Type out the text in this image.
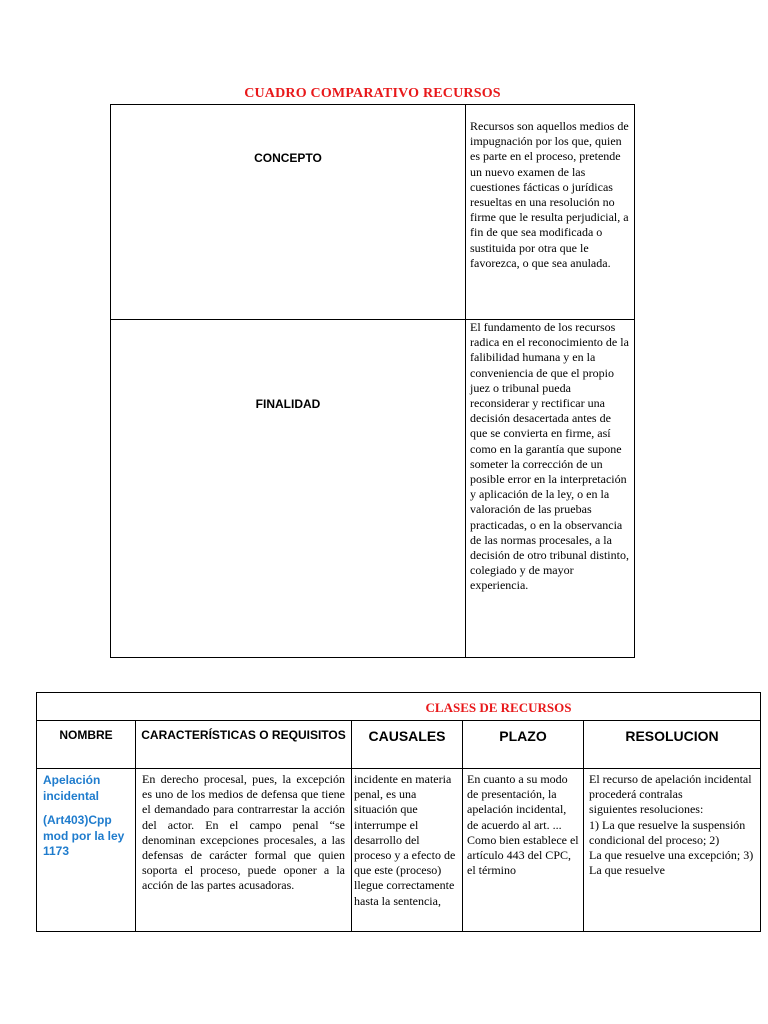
CUADRO COMPARATIVO RECURSOS
CONCEPTO
Recursos son aquellos medios de impugnación por los que, quien es parte en el proceso, pretende un nuevo examen de las cuestiones fácticas o jurídicas resueltas en una resolución no firme que le resulta perjudicial, a fin de que sea modificada o sustituida por otra que le favorezca, o que sea anulada.
FINALIDAD
El fundamento de los recursos radica en el reconocimiento de la falibilidad humana y en la conveniencia de que el propio juez o tribunal pueda reconsiderar y rectificar una decisión desacertada antes de que se convierta en firme, así como en la garantía que supone someter la corrección de un posible error en la interpretación y aplicación de la ley, o en la valoración de las pruebas practicadas, o en la observancia de las normas procesales, a la decisión de otro tribunal distinto, colegiado y de mayor experiencia.
CLASES DE RECURSOS
NOMBRE

Apelación incidental

(Art403)Cpp mod por la ley 1173

CARACTERÍSTICAS O REQUISITOS
En derecho procesal, pues, la excepción es uno de los medios de defensa que tiene el demandado para contrarrestar la acción del actor. En el campo penal “se denominan excepciones procesales, a las defensas de carácter formal que quien soporta el proceso, puede oponer a la acción de las partes acusadoras.
CAUSALES
incidente en materia penal, es una situación que interrumpe el desarrollo del proceso y a efecto de que este (proceso) llegue correctamente hasta la sentencia,
PLAZO
En cuanto a su modo de presentación, la apelación incidental, de acuerdo al art. ... Como bien establece el artículo 443 del CPC, el término
RESOLUCION
El recurso de apelación incidental procederá contralas
siguientes resoluciones:
1) La que resuelve la suspensión condicional del proceso; 2)
La que resuelve una excepción; 3)
La que resuelve
